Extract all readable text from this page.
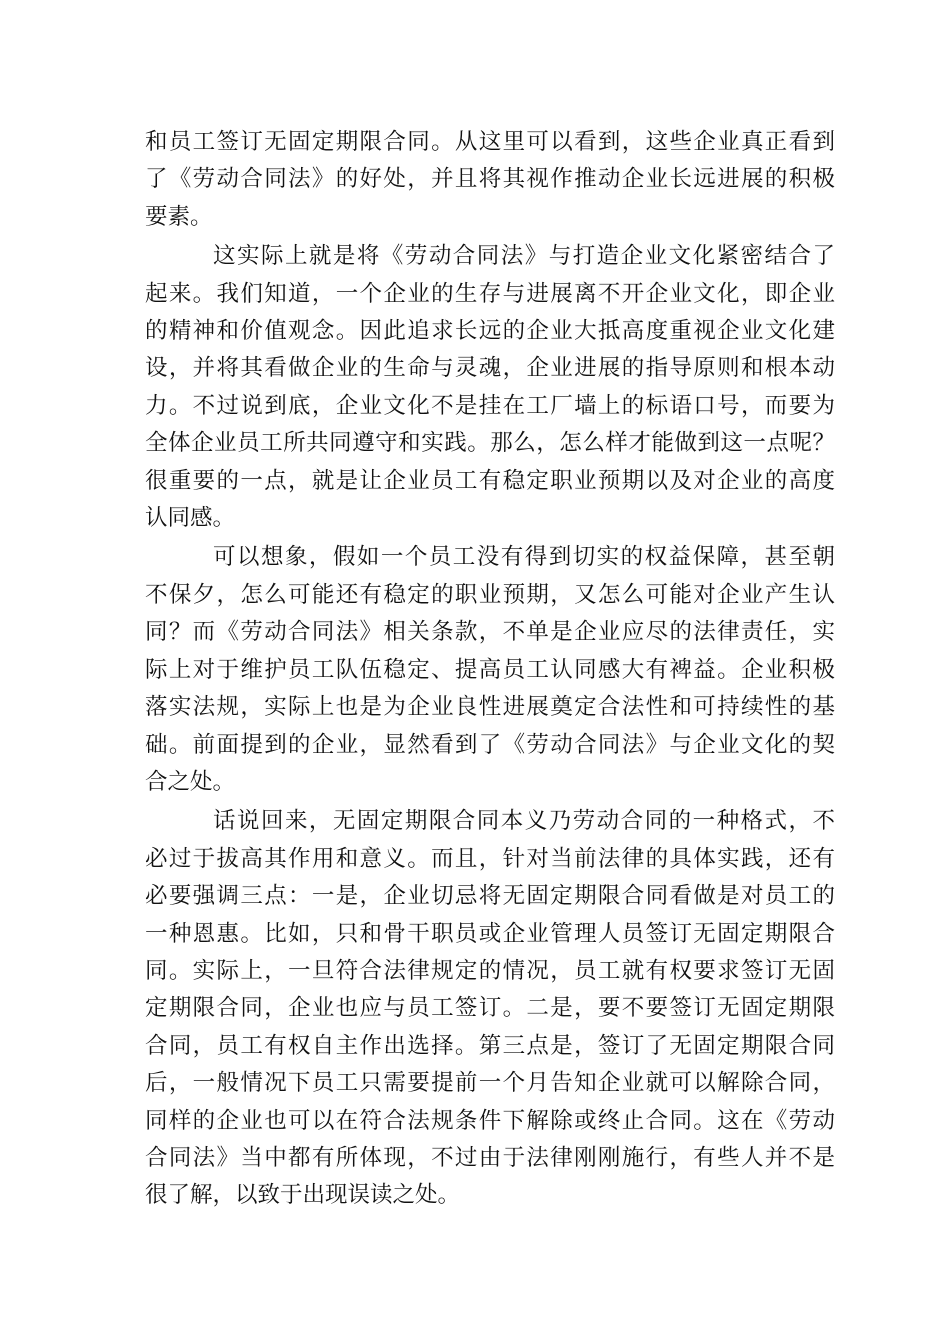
和员工签订无固定期限合同。从这里可以看到，这些企业真正看到
了《劳动合同法》的好处，并且将其视作推动企业长远进展的积极
要素。
这实际上就是将《劳动合同法》与打造企业文化紧密结合了
起来。我们知道，一个企业的生存与进展离不开企业文化，即企业
的精神和价值观念。因此追求长远的企业大抵高度重视企业文化建
设，并将其看做企业的生命与灵魂，企业进展的指导原则和根本动
力。不过说到底，企业文化不是挂在工厂墙上的标语口号，而要为
全体企业员工所共同遵守和实践。那么，怎么样才能做到这一点呢？
很重要的一点，就是让企业员工有稳定职业预期以及对企业的高度
认同感。
可以想象，假如一个员工没有得到切实的权益保障，甚至朝
不保夕，怎么可能还有稳定的职业预期，又怎么可能对企业产生认
同？而《劳动合同法》相关条款，不单是企业应尽的法律责任，实
际上对于维护员工队伍稳定、提高员工认同感大有裨益。企业积极
落实法规，实际上也是为企业良性进展奠定合法性和可持续性的基
础。前面提到的企业，显然看到了《劳动合同法》与企业文化的契
合之处。
话说回来，无固定期限合同本义乃劳动合同的一种格式，不
必过于拔高其作用和意义。而且，针对当前法律的具体实践，还有
必要强调三点：一是，企业切忌将无固定期限合同看做是对员工的
一种恩惠。比如，只和骨干职员或企业管理人员签订无固定期限合
同。实际上，一旦符合法律规定的情况，员工就有权要求签订无固
定期限合同，企业也应与员工签订。二是，要不要签订无固定期限
合同，员工有权自主作出选择。第三点是，签订了无固定期限合同
后，一般情况下员工只需要提前一个月告知企业就可以解除合同，
同样的企业也可以在符合法规条件下解除或终止合同。这在《劳动
合同法》当中都有所体现，不过由于法律刚刚施行，有些人并不是
很了解，以致于出现误读之处。
